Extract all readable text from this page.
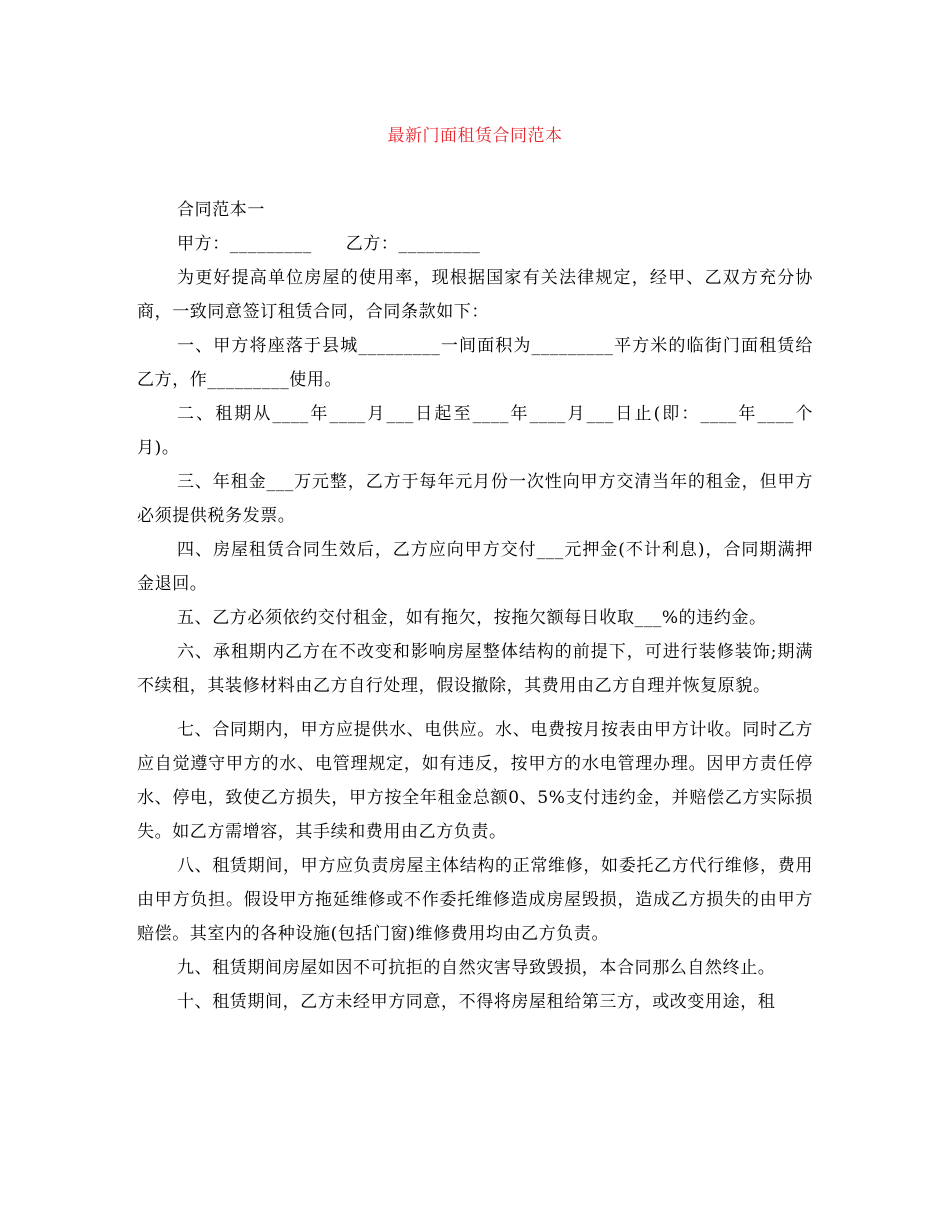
最新门面租赁合同范本

合同范本一

甲方：_________ 乙方：_________

为更好提高单位房屋的使用率，现根据国家有关法律规定，经甲、乙双方充分协商，一致同意签订租赁合同，合同条款如下：

一、甲方将座落于县城_________一间面积为_________平方米的临街门面租赁给乙方，作_________使用。

二、租期从____年____月___日起至____年____月___日止(即：____年____个月)。

三、年租金___万元整，乙方于每年元月份一次性向甲方交清当年的租金，但甲方必须提供税务发票。

四、房屋租赁合同生效后，乙方应向甲方交付___元押金(不计利息)，合同期满押金退回。

五、乙方必须依约交付租金，如有拖欠，按拖欠额每日收取___%的违约金。

六、承租期内乙方在不改变和影响房屋整体结构的前提下，可进行装修装饰;期满不续租，其装修材料由乙方自行处理，假设撤除，其费用由乙方自理并恢复原貌。

七、合同期内，甲方应提供水、电供应。水、电费按月按表由甲方计收。同时乙方应自觉遵守甲方的水、电管理规定，如有违反，按甲方的水电管理办理。因甲方责任停水、停电，致使乙方损失，甲方按全年租金总额0、5%支付违约金，并赔偿乙方实际损失。如乙方需增容，其手续和费用由乙方负责。

八、租赁期间，甲方应负责房屋主体结构的正常维修，如委托乙方代行维修，费用由甲方负担。假设甲方拖延维修或不作委托维修造成房屋毁损，造成乙方损失的由甲方赔偿。其室内的各种设施(包括门窗)维修费用均由乙方负责。

九、租赁期间房屋如因不可抗拒的自然灾害导致毁损，本合同那么自然终止。

十、租赁期间，乙方未经甲方同意，不得将房屋租给第三方，或改变用途，租
